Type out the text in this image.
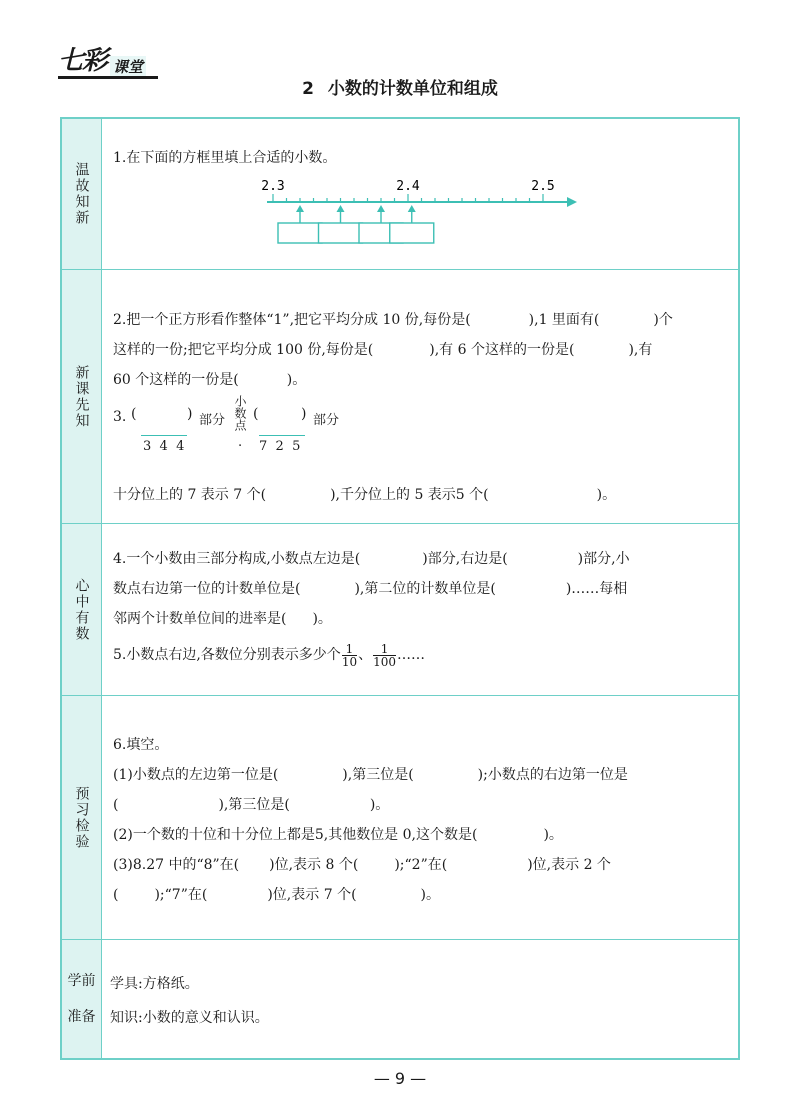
七彩 课堂
2 小数的计数单位和组成
温故知新
1.在下面的方框里填上合适的小数。
2.3	2.4	2.5
新课先知
2.把一个正方形看作整体“1”,把它平均分成 10 份,每份是(	),1 里面有(	)个
这样的一份;把它平均分成 100 份,每份是(	),有 6 个这样的一份是(	),有
60 个这样的一份是(	)。
3. (	) 部分 小数点 (	) 部分
3  4  4	. 7  2  5
十分位上的 7 表示 7 个(	),千分位上的 5 表示5 个(	)。
心中有数
4.一个小数由三部分构成,小数点左边是(	)部分,右边是(	)部分,小
数点右边第一位的计数单位是(	),第二位的计数单位是(	)……每相
邻两个计数单位间的进率是( )。
5.小数点右边,各数位分别表示多少个 $\frac{1}{10}$ 、 $\frac{1}{100}$ ……
预习检验
6.填空。
(1)小数点的左边第一位是(	),第三位是(	);小数点的右边第一位是
(	),第三位是(	)。
(2)一个数的十位和十分位上都是5,其他数位是 0,这个数是(	)。
(3)8.27 中的“8”在( )位,表示 8 个(	);“2”在(	)位,表示 2 个
(	);“7”在(	)位,表示 7 个(	)。
学前
准备
学具:方格纸。
知识:小数的意义和认识。
— 9 —
